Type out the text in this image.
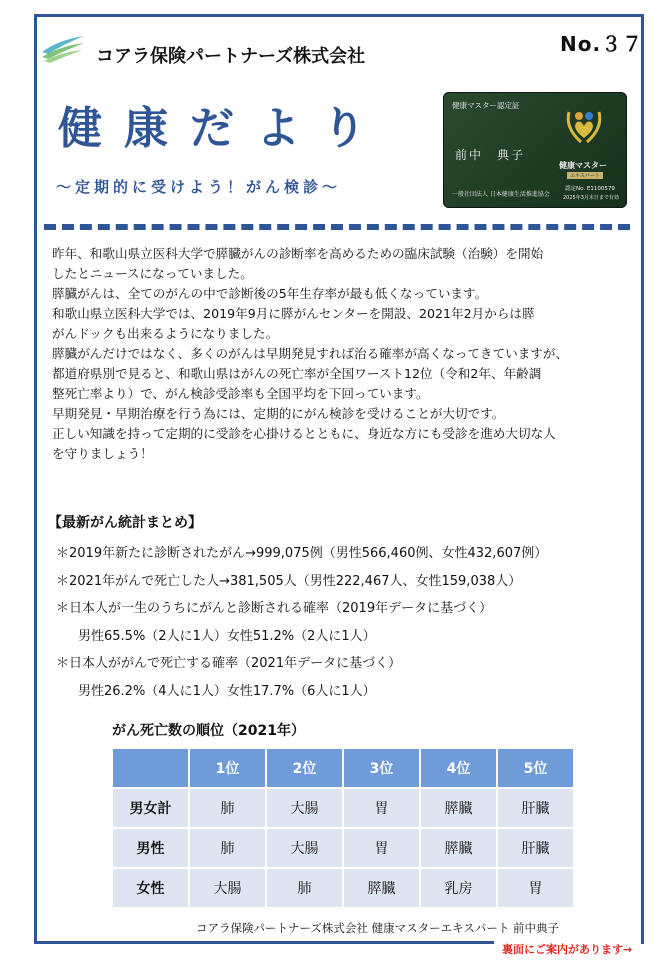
コアラ保険パートナーズ株式会社
No.３７
健康だより
〜定期的に受けよう！がん検診〜
健康マスター認定証
前中　典子
健康マスター
エキスパート
一般社団法人 日本健康生活推進協会
認定No. E1100579
2025年3月末日まで有効

昨年、和歌山県立医科大学で膵臓がんの診断率を高めるための臨床試験（治験）を開始

したとニュースになっていました。

膵臓がんは、全てのがんの中で診断後の5年生存率が最も低くなっています。

和歌山県立医科大学では、2019年9月に膵がんセンターを開設、2021年2月からは膵

がんドックも出来るようになりました。

膵臓がんだけではなく、多くのがんは早期発見すれば治る確率が高くなってきていますが、

都道府県別で見ると、和歌山県はがんの死亡率が全国ワースト12位（令和2年、年齢調

整死亡率より）で、がん検診受診率も全国平均を下回っています。

早期発見・早期治療を行う為には、定期的にがん検診を受けることが大切です。

正しい知識を持って定期的に受診を心掛けるとともに、身近な方にも受診を進め大切な人

を守りましょう！

【最新がん統計まとめ】

＊2019年新たに診断されたがん→999,075例（男性566,460例、女性432,607例）

＊2021年がんで死亡した人→381,505人（男性222,467人、女性159,038人）

＊日本人が一生のうちにがんと診断される確率（2019年データに基づく）

男性65.5%（2人に1人）女性51.2%（2人に1人）

＊日本人ががんで死亡する確率（2021年データに基づく）

男性26.2%（4人に1人）女性17.7%（6人に1人）

がん死亡数の順位（2021年）
	1位	2位	3位	4位	5位
男女計	肺	大腸	胃	膵臓	肝臓
男性	肺	大腸	胃	膵臓	肝臓
女性	大腸	肺	膵臓	乳房	胃
コアラ保険パートナーズ株式会社 健康マスターエキスパート 前中典子
裏面にご案内があります→
